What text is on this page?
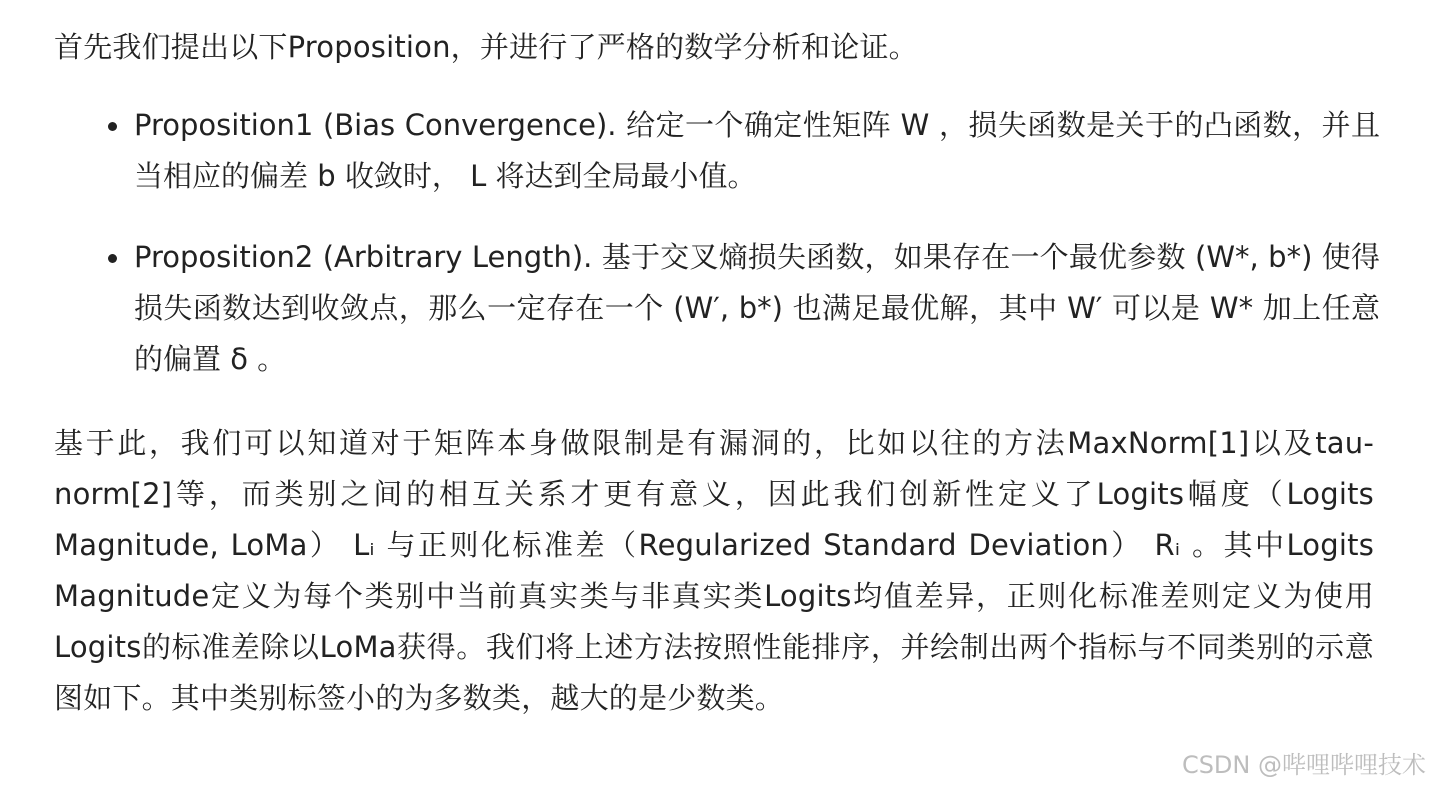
首先我们提出以下Proposition，并进行了严格的数学分析和论证。
Proposition1 (Bias Convergence). 给定一个确定性矩阵 W ，损失函数是关于的凸函数，并且当相应的偏差 b 收敛时， L 将达到全局最小值。
Proposition2 (Arbitrary Length). 基于交叉熵损失函数，如果存在一个最优参数 (W*, b*) 使得损失函数达到收敛点，那么一定存在一个 (W′, b*) 也满足最优解，其中 W′ 可以是 W* 加上任意的偏置 δ 。
基于此，我们可以知道对于矩阵本身做限制是有漏洞的，比如以往的方法MaxNorm[1]以及tau-norm[2]等，而类别之间的相互关系才更有意义，因此我们创新性定义了Logits幅度（Logits Magnitude, LoMa） Lᵢ 与正则化标准差（Regularized Standard Deviation） Rᵢ 。其中Logits Magnitude定义为每个类别中当前真实类与非真实类Logits均值差异，正则化标准差则定义为使用Logits的标准差除以LoMa获得。我们将上述方法按照性能排序，并绘制出两个指标与不同类别的示意图如下。其中类别标签小的为多数类，越大的是少数类。
CSDN @哔哩哔哩技术
